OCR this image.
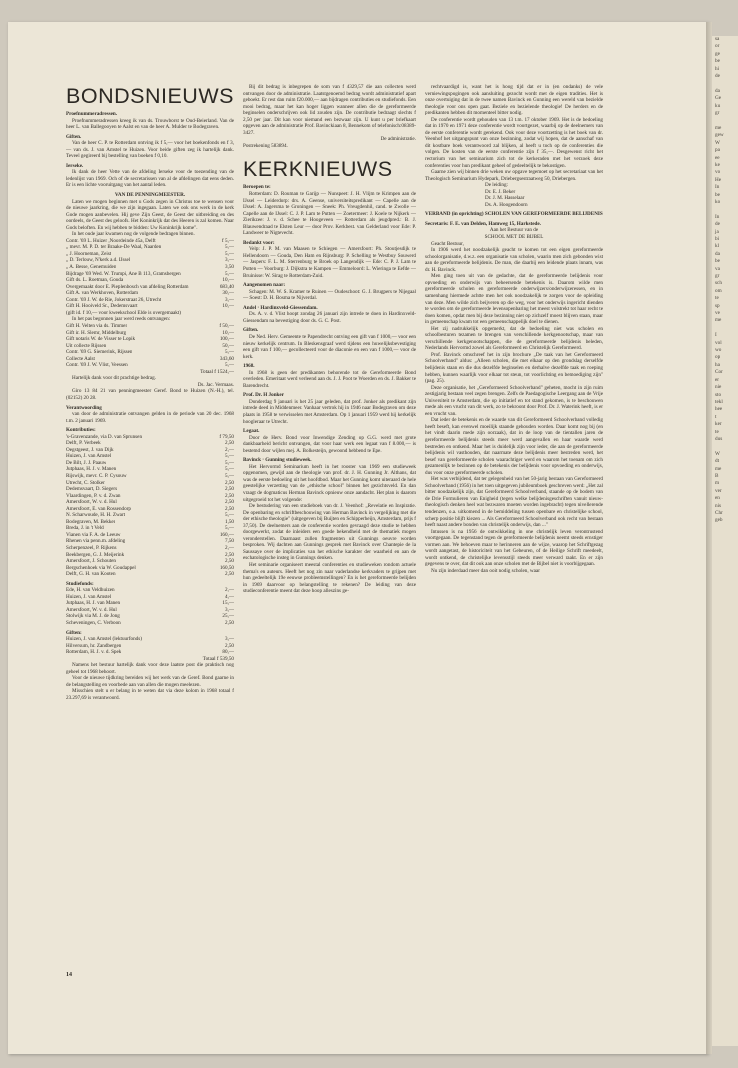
sa
or
ge
be
hi
de

da
Ge
ku
gr

me
gew
W
pa
ee
ke
vo
He
In
be
ko

In
de
ja
bi
kl
da
be
va
gr
sch
om
te
sp
ve
me

I
vol
wo
op
ha
Cor
er
nie
sto
tekl
hee
t
ker
te
dus

W
dt
me
B
m
ver
en
nis
Chr
geb
BONDSNIEUWS
Proefnummeradressen.
Proefnummeradressen kreeg ik van ds. Trouwborst te Oud-Beierland. Van de heer L. van Ballegooyen te Aalst en van de heer A. Mulder te Bodegraven.
Giften.
Van de heer C. P. te Rotterdam ontving ik f 5,— voor het boekenfonds en f 3,— van ds. J. van Amstel te Huizen. Voor beide giften zeg ik hartelijk dank. Teveel gegireerd bij bestelling van boeken f 0,10.
Ierseke.
Ik dank de heer Vette van de afdeling Ierseke voor de toezending van de ledenlijst van 1969. Och of de secretarissen van al de afdelingen dat eens deden. Er is een lichte vooruitgang van het aantal leden.
VAN DE PENNINGMEESTER.
Laten we mogen beginnen met u Gods zegen in Christus toe te wensen voor de nieuwe jaarkring, die we zijn ingegaan. Laten we ook ons werk in de kerk Gode mogen aanbevelen. Hij geve Zijn Geest, de Geest der uitbreiding en des oordeels, de Geest des geloofs. Het Koninkrijk dat des Heeren is zal komen. Naar Gods beloften. En wij hebben te bidden: Uw Koninkrijk kome".
In het oude jaar kwamen nog de volgende bedragen binnen.
Contr. '69 L. Huizer ,Noordeinde 45a, Delft	f 5,—
„ mevr. M. P. D. ter Braake-De Waal, Naarden	5,—
„ J. Hoorneman, Zeist	5,—
„ D. Terlouw, N'kerk a.d. IJssel	3,—
„ A. Besse, Genemuiden	3,50
Bijdrage '69 Wed. W. Trumpi, Ane B 113, Gramsbergen	5,—
Gift ds. L. Roetman, Gouda	10,—
Overgemaakt door E. Pieplenbosch van afdeling Rotterdam	683,40
Gift A. van Werkhoven, Rotterdam	30,—
Contr. '69 J. W. de Rie, Jokerstraat 26, Utrecht	3,—
Gift H. Hooiveld Sr., Dedemsvaart	10,—
(gift id. f 10,— voor kweekschool Elde is overgemaakt)
In het pas begonnen jaar werd reeds ontvangen:
Gift H. Velten via ds. Timmer	f 50,—
Gift ir. H. Slemr, Middelburg	10,—
Gift notaris W. de Visser te Lopik	100,—
Uit collecte Rijssen	50,—
Contr. '69 G. Siemerink, Rijssen	5,—
Collecte Aalst	343,60
Contr. '69 J. W. Vlist, Veessen	5,—
Totaal f 1524,—
Hartelijk dank voor dit prachtige bedrag.
Ds. Jac. Vermaas.
Giro 13 84 21 van penningmeester Geref. Bond te Huizen (N.-H.), tel. (02152) 20 28.
Verantwoording
van door de administratie ontvangen gelden in de periode van 20 dec. 1968 t.m. 2 januari 1969.
Kontributies:
's-Gravenzande, via D. van Sprunsen	f 79,50
Delft, P. Verbeek	2,50
Oegstgeest, J. van Dijk	2,—
Huizen, J. van Amstel	5,—
De Bilt, J. J. Paauw	5,—
Jutphaas, H. J. v. Manen	5,—
Rijswijk, mevr. C. P. Cysouw	5,—
Utrecht, C. Stolker	2,50
Dedemsvaart, D. Siegers	2,50
Vlaardingen, P. v. d. Zwan	2,50
Amersfoort, W. v. d. Hul	2,50
Amersfoort, E. van Rossendorp	2,50
N. Scharwoude, H. H. Zwart	5,—
Bodegraven, M. Bekker	1,50
Breda, J. in 't Veld	5,—
Vianen via F. A. de Leeuw	160,—
Rhenen via penn.m. afdeling	7,50
Scherpenzeel, P. Rijkens	2,—
Beekbergen, G. J. Meijerink	2,50
Amersfoort, J. Schouten	2,50
Bergschenhoek via W. Goudappel	160,50
Delft, G. H. van Kooten	2,50
Studiefonds:
Ede, H. van Veldhuizen	2,—
Huizen, J. van Amstel	4,—
Jutphaas, H. J. van Manen	15,—
Amersfoort, W. v. d. Hul	3,—
Stolwijk via M. J. de Jong	25,—
Scheveningen, C. Verboon	2,50
Giften:
Huizen, J. van Amstel (lektuurfonds)	3,—
Hilversum, hr. Zandbergen	2,50
Rotterdam, H. J. v. d. Spek	80,—
Totaal f 539,50
Namens het bestuur hartelijk dank voor deze laatste post die praktisch nog geheel tot 1968 behoort.
Voor de nieuwe tijdkring bereiden wij het werk van de Geref. Bond gaarne in de belangstelling en voorbede aan van allen die mogen meelezen.
Misschien stelt u er belang in te weten dat via deze kolom in 1968 totaal f 23.297,69 is verantwoord.
Bij dit bedrag is inbegrepen de som van f 4329,57 die aan collecten werd ontvangen door de administratie. Laatstgenoemd bedrag wordt administratief apart geboekt. Er rest dan ruim f20.000,— aan bijdragen contributies en studiefonds. Een mooi bedrag, maar het kan hoger liggen wanneer allen die de gereformeerde beginselen onderschrijven ook lid zouden zijn. De contributie bedraagt slechts f 2,50 per jaar. Dit kan voor niemand een bezwaar zijn. U kunt u per briefkaart opgeven aan de administratie Prof. Bavinckiaan 8, Bennekom of telefonisch:08389-3427.
De administratie.
Postrekening 583894.
KERKNIEUWS
Beroepen te:
Rotterdam: D. Rouman te Garijp — Nunspeet: J. H. Vlijm te Krimpen aan de IJssel — Leiderdorp: drs. A. Geense, universiteitspredikant — Capelle aan de IJssel: A. Jagersma te Groningen — Sneek: Ph. Vreugdenhil, cand. te Zwolle — Capelle aan de IJssel: C. J. P. Lam te Putten — Zoetermeer: J. Koele te Nijkerk — Zierikzee: J. v. d. Schee te Hoogeveen — Rotterdam als jeugdpred.: B. J. Blauwendraad te Elsten Leur — door Prov. Kerkbest. van Gelderland voor Ede: P. Landweer te Nigtevecht.
Bedankt voor:
Velp: J. P. M. van Maasen te Schiegen — Amersfoort: Ph. Stoutjesdijk te Hellendoorn — Gouda, Den Ham en Rijnsburg: P. Schelling te Westbuy Souwerd — Jaspers: F. L. M. Sterrenburg te Broek op Langendijk — Ede: C. P. J. Lam te Putten — Voorburg: J. Dijkstra te Kampen — Emmeloord: L. Wieringa te Eefde — Bruinisse: W. Sirag te Rotterdam-Zuid.
Aangenomen naar:
Schagen: M. W. S. Kramer te Ruinen — Oudeschoot: G. J. Brugpers te Nijegaal — Soest: D. H. Bosma te Nijverdal.
Andel · Hardinxveld-Giessendam.
Ds. A. v. d. Vlist hoopt zondag 26 januari zijn intrede te doen in Hardinxveld-Giessendam na bevestiging door ds. G. C. Post.
Giften.
De Ned. Herv. Gemeente te Papendrecht ontving een gift van f 1000,— voor een nieuw kerkelijk centrum. In Bleskensgraaf werd tijdens een huwelijksbevestiging een gift van f 100,— gecollecteerd voor de diaconie en een van f 1000,— voor de kerk.
1968.
In 1968 is geen der predikanten behorende tot de Gereformeerde Bond overleden. Emeritaat werd verleend aan ds. J. J. Poot te Woerden en ds. J. Bakker te Barendrecht.
Prof. Dr. H Jonker
Donderdag 9 januari is het 25 jaar geleden, dat prof. Jonker als predikant zijn intrede deed in Middenmeer. Vanhaar vertrok hij in 1946 naar Bodegraven om deze plaats in 1958 te verwisselen met Amsterdam. Op 1 januari 1959 werd hij kerkelijk hoogleraar te Utrecht.
Legaat.
Door de Herv. Bond voor Inwendige Zending op G.G. werd met grote dankbaarheid bericht ontvangen, dat voor haar werk een legaat van f 8.000,— is bestemd door wijlen mej. A. Bolkesteijn, gewoond hebbend te Epe.
Bavinck · Gunning studieweek.
Het Hervormd Seminarium heeft in het rooster van 1969 een studieweek opgenomen, gewijd aan de theologie van prof. dr. J. H. Gunning Jr. Althans, dat was de eerste bedoeling uit het hoofdbod. Maar het Gunning komt uiteraard de hele geestelijke verzetting van de „ethische school" binnen het gezichtsveld. En dan vraagt de dogmaticus Herman Bavinck opnieuw onze aandacht. Het plan is daarom uitgegroeid tot het volgende:
De bestudering van een studieboek van dr. J. Veenhof: „Revelatie en Inspiratie. De openbaring en schriftbeschouwing van Herman Bavinck in vergelijking met die der ethische theologie" (uitgegeven bij Buijten en Schipperheijn, Amsterdam, prijs f 37,50). De deelnemers aan de conferentie worden gevraagd deze studie te hebben doorgewerkt, zodat de inleiders een goede bekendheid met de thematiek mogen veronderstellen. Daarnaast zullen fragmenten uit Gunnings oeuvre worden besproken. Wij dachten aan Gunnings gesprek met Bavinck over Chantepie de la Saussaye over de implicaties van het ethische karakter der waarheid en aan de eschatologische insteg in Gunnings denken.
Het seminarie organiseert meestal conferenties en studieweken rondom actuele thema's en auteurs. Heeft het nog zin naar vaderlandse kerkvaders te grijpen met hun gedeeltelijk 19e eeuwse probleemstellingen? En is het gereformeerde belijden in 1969 daarvoor op belangstelling te rekenen? De leiding van deze studieconferentie meent dat deze hoop alleszins ge-
rechtvaardigd is, want het is hoog tijd dat er in (en ondanks) de vele verniewingspogingen ook aansluiting gezocht wordt met de eigen tradities. Het is onze overtuiging dat in de twee namen Bavinck en Gunning een wereld van bezielde theologie voor ons open gaat. Beziele en bezielende theologie! De herders en de predikanten hebben dit momenteel bitter nodig.
De conferentie wordt gehouden van 13 t.m. 17 oktober 1969. Het is de bedoeling dat in 1970 en 1971 deze conferentie wordt voortgezet, waarbij op de deelnemers van de eerste conferentie wordt gerekend. Ook voor deze voortzetting is het boek van dr. Veenhof het uitgangspunt van onze bezinning, zodat wij hopen, dat de aanschaf van dit kostbare boek verantwoord zal blijken, al heeft u toch op de conferenties die volgen. De kosten van de eerste conferentie zijn f 35,—. Desgewenst richt het rectorium van het seminarium zich tot de kerkeraden met het verzoek deze conferenties voor hun predikant geheel of gedeeltelijk te bekostigen.
Gaarne zien wij binnen drie weken uw opgave tegemoet op het secretariaat van het Theologisch Seminarium Hydepark, Driebergsestraatweg 50, Driebergen.
De leiding:
Dr. E. J. Beker
Dr. J. M. Hasselaar
Ds. A. Hoogendoorn
VERBAND (in oprichting) SCHOLEN VAN GEREFORMEERDE BELIJDENIS
Secretaris: F. E. van Delden, Hamweg 15, Harkstede.
Aan het Bestuur van de
SCHOOL MET DE BIJBEL
Geacht Bestuur,
In 1906 werd het noodzakelijk geacht te komen tot een eigen gereformeerde schoolorganisatie, d.w.z. een organisatie van scholen, waarin men zich gebonden wist aan de gereformeerde belijdenis. De man, die daarbij een leidende plaats innam, was dr. H. Bavinck.
Men ging toen uit van de gedachte, dat de gereformeerde belijdenis voor opvoeding en onderwijs van beheersende betekenis is. Daarom wilde men gereformeerde scholen en gereformeerde onderwijzers/onderwijzeressen, en in samenhang hiermede achtte men het ook noodzakelijk te zorgen voor de opleiding van deze. Men wilde zich beijveren op die weg, voor het onderwijs ingericht dienden te worden om de gereformeerde levensopenbaring het meest volstrekt tot haar recht te doen komen, opdat men bij deze bezinning niet op zichzelf moest blijven staan, maar in gemeenschap kwam tot een gemeenschappelijk doel te dienen.
Het zij nadrukkelijk opgemerkt, dat de bedoeling niet was scholen en schoolbesturen tezamen te brengen van verschillende kerkgenootschap, maar van verschillende kerkgenootschappen, die de gereformeerde belijdenis beleden, Nederlands Hervormd zowel als Gereformeerd en Christelijk Gereformeerd.
Prof. Bavinck omschreef het in zijn brochure „De taak van het Gereformeerd Schoolverband" aldus: „Alleen scholen, die met elkaar op den grondslag derselfde belijdenis staan en die dus dezelfde beginselen en derhalve dezelfde taak en roeping hebben, kunnen waarlijk voor elkaar tot steun, tot voorlichting en bemoediging zijn" (pag. 25).
Deze organisatie, het „Gereformeerd Schoolverband" geheten, mocht in zijn ruim zestigjarig bestaan veel zegen brengen. Zelfs de Paedagogische Leergang aan de Vrije Universiteit te Amsterdam, die op initiatief en tot stand gekomen, is te beschouwen mede als een vrucht van dit werk, zo te bekroont door Prof. Dr. J. Waterink heeft, is er een vrucht van.
Dat ieder de betekenis en de waarde van dit Gereformeerd Schoolverband volledig heeft beseft, kan evenwel moeilijk staande gehouden worden. Daar komt nog bij (en het vindt daarin mede zijn oorzaak), dat in de loop van de tientallen jaren de gereformeerde belijdenis steeds meer werd aangevallen en haar waarde werd bestreden en ontkend. Maar het is duidelijk zijn voor ieder, die aan de gereformeerde belijdenis wil vasthouden, dat naarmate deze belijdenis meer bestreden werd, het besef van gereformeerde scholen waarachtiger werd en waarom het toenam om zich gezamenlijk te bezinnen op de betekenis der belijdenis voor opvoeding en onderwijs, dus voor onze gereformeerde scholen.
Het was verbijdend, dat ter gelegenheid van het 50-jarig bestaan van Gereformeerd Schoolverband (1956) in het toen uitgegeven jubileumboek geschreven werd: „Het zal bitter noodzakelijk zijn, dat Gereformeerd Schoolverband, staande op de bodem van de Drie Formulieren van Enigheid (tegen welke belijdenisgeschriften vanuit nieuw-theologisch denken heel wat bezwaren moeten worden ingebracht) tegen nivellerende tendenzen, o.a. uitkomend in de bemiddeling tussen openbare en christelijke school, scherp positie blijft kiezen ... Als Gereformeerd Schoolverband ook recht van bestaan heeft naast andere bonden van christelijk onderwijs, dan ..."
Intussen is na 1956 de ontwikkeling in one christelijk leven verontrustend voortgegaan. De tegenstand tegen de gereformeerde belijdenis neemt steeds ernstiger vormen aan. We behoeven maar te herinneren aan de wijze, waarop het Schriftgezag wordt aangetast, de historiciteit van het Gebeuren, of de Heilige Schrift meedeelt, wordt ontkend, de christelijke levensstijl steeds meer verward raakt. En er zijn gegevens te over, dat dit ook aan onze scholen met de Bijbel niet is voorbijgegaan.
Nu zijn inderdaad meer dan ooit nodig scholen, waar
14
